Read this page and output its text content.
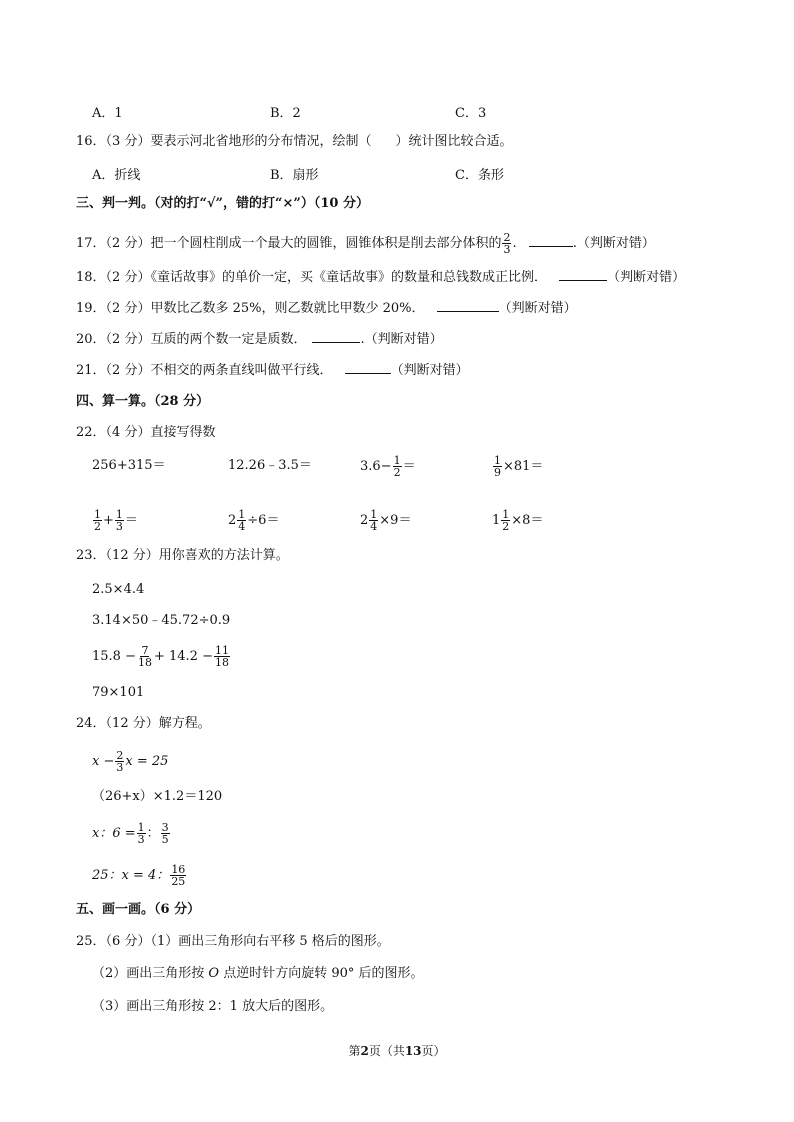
A．1	B．2	C．3
16．（3 分）要表示河北省地形的分布情况，绘制（ ）统计图比较合适。
A．折线	B．扇形	C．条形
三、判一判。（对的打“√”，错的打“×”）（10 分）
17．（2 分）把一个圆柱削成一个最大的圆锥，圆锥体积是削去部分体积的 $\frac{2}{3}$ .	.（判断对错）
18．（2 分）《童话故事》的单价一定，买《童话故事》的数量和总钱数成正比例．	（判断对错）
19．（2 分）甲数比乙数多 25%，则乙数就比甲数少 20%．	（判断对错）
20．（2 分）互质的两个数一定是质数．	.（判断对错）
21．（2 分）不相交的两条直线叫做平行线．	（判断对错）
四、算一算。（28 分）
22．（4 分）直接写得数
256+315＝	12.26﹣3.5＝	$3.6- \frac{1}{2}$ ＝	$\frac{1}{9} \times 81=$
$\frac{1}{2} + \frac{1}{3}$ ＝	$2 \frac{1}{4} \div 6=$	$2 \frac{1}{4} \times 9=$	$1 \frac{1}{2} \times 8=$
23．（12 分）用你喜欢的方法计算。
2.5×4.4
3.14×50﹣45.72÷0.9
$15.8 - \frac{7}{18} + 14.2 - \frac{11}{18}$
79×101
24．（12 分）解方程。
$x - \frac{2}{3}$ x = 25
（26+x）×1.2＝120
x：$6 = \frac{1}{3}$ ： $\frac{3}{5}$
25：x = 4： $\frac{16}{25}$
五、画一画。（6 分）
25．（6 分）（1）画出三角形向右平移 5 格后的图形。
（2）画出三角形按 O 点逆时针方向旋转 90° 后的图形。
（3）画出三角形按 2：1 放大后的图形。
第2页（共13页）
